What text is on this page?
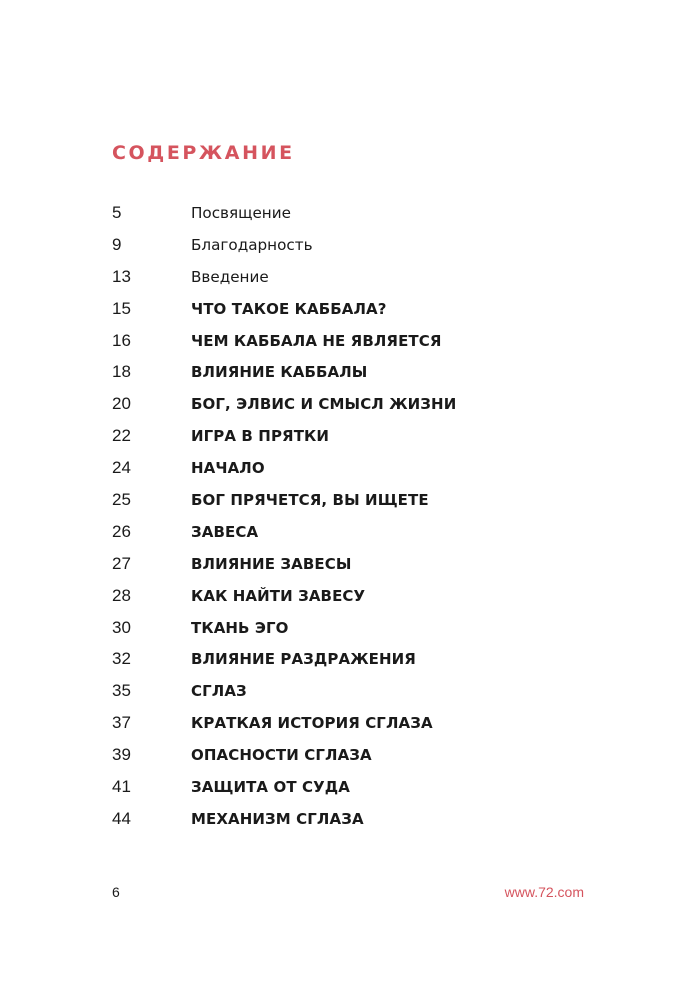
СОДЕРЖАНИЕ
5	Посвящение
9	Благодарность
13	Введение
15	ЧТО ТАКОЕ КАББАЛА?
16	ЧЕМ КАББАЛА НЕ ЯВЛЯЕТСЯ
18	ВЛИЯНИЕ КАББАЛЫ
20	БОГ, ЭЛВИС И СМЫСЛ ЖИЗНИ
22	ИГРА В ПРЯТКИ
24	НАЧАЛО
25	БОГ ПРЯЧЕТСЯ, ВЫ ИЩЕТЕ
26	ЗАВЕСА
27	ВЛИЯНИЕ ЗАВЕСЫ
28	КАК НАЙТИ ЗАВЕСУ
30	ТКАНЬ ЭГО
32	ВЛИЯНИЕ РАЗДРАЖЕНИЯ
35	СГЛАЗ
37	КРАТКАЯ ИСТОРИЯ СГЛАЗА
39	ОПАСНОСТИ СГЛАЗА
41	ЗАЩИТА ОТ СУДА
44	МЕХАНИЗМ СГЛАЗА
6	www.72.com
